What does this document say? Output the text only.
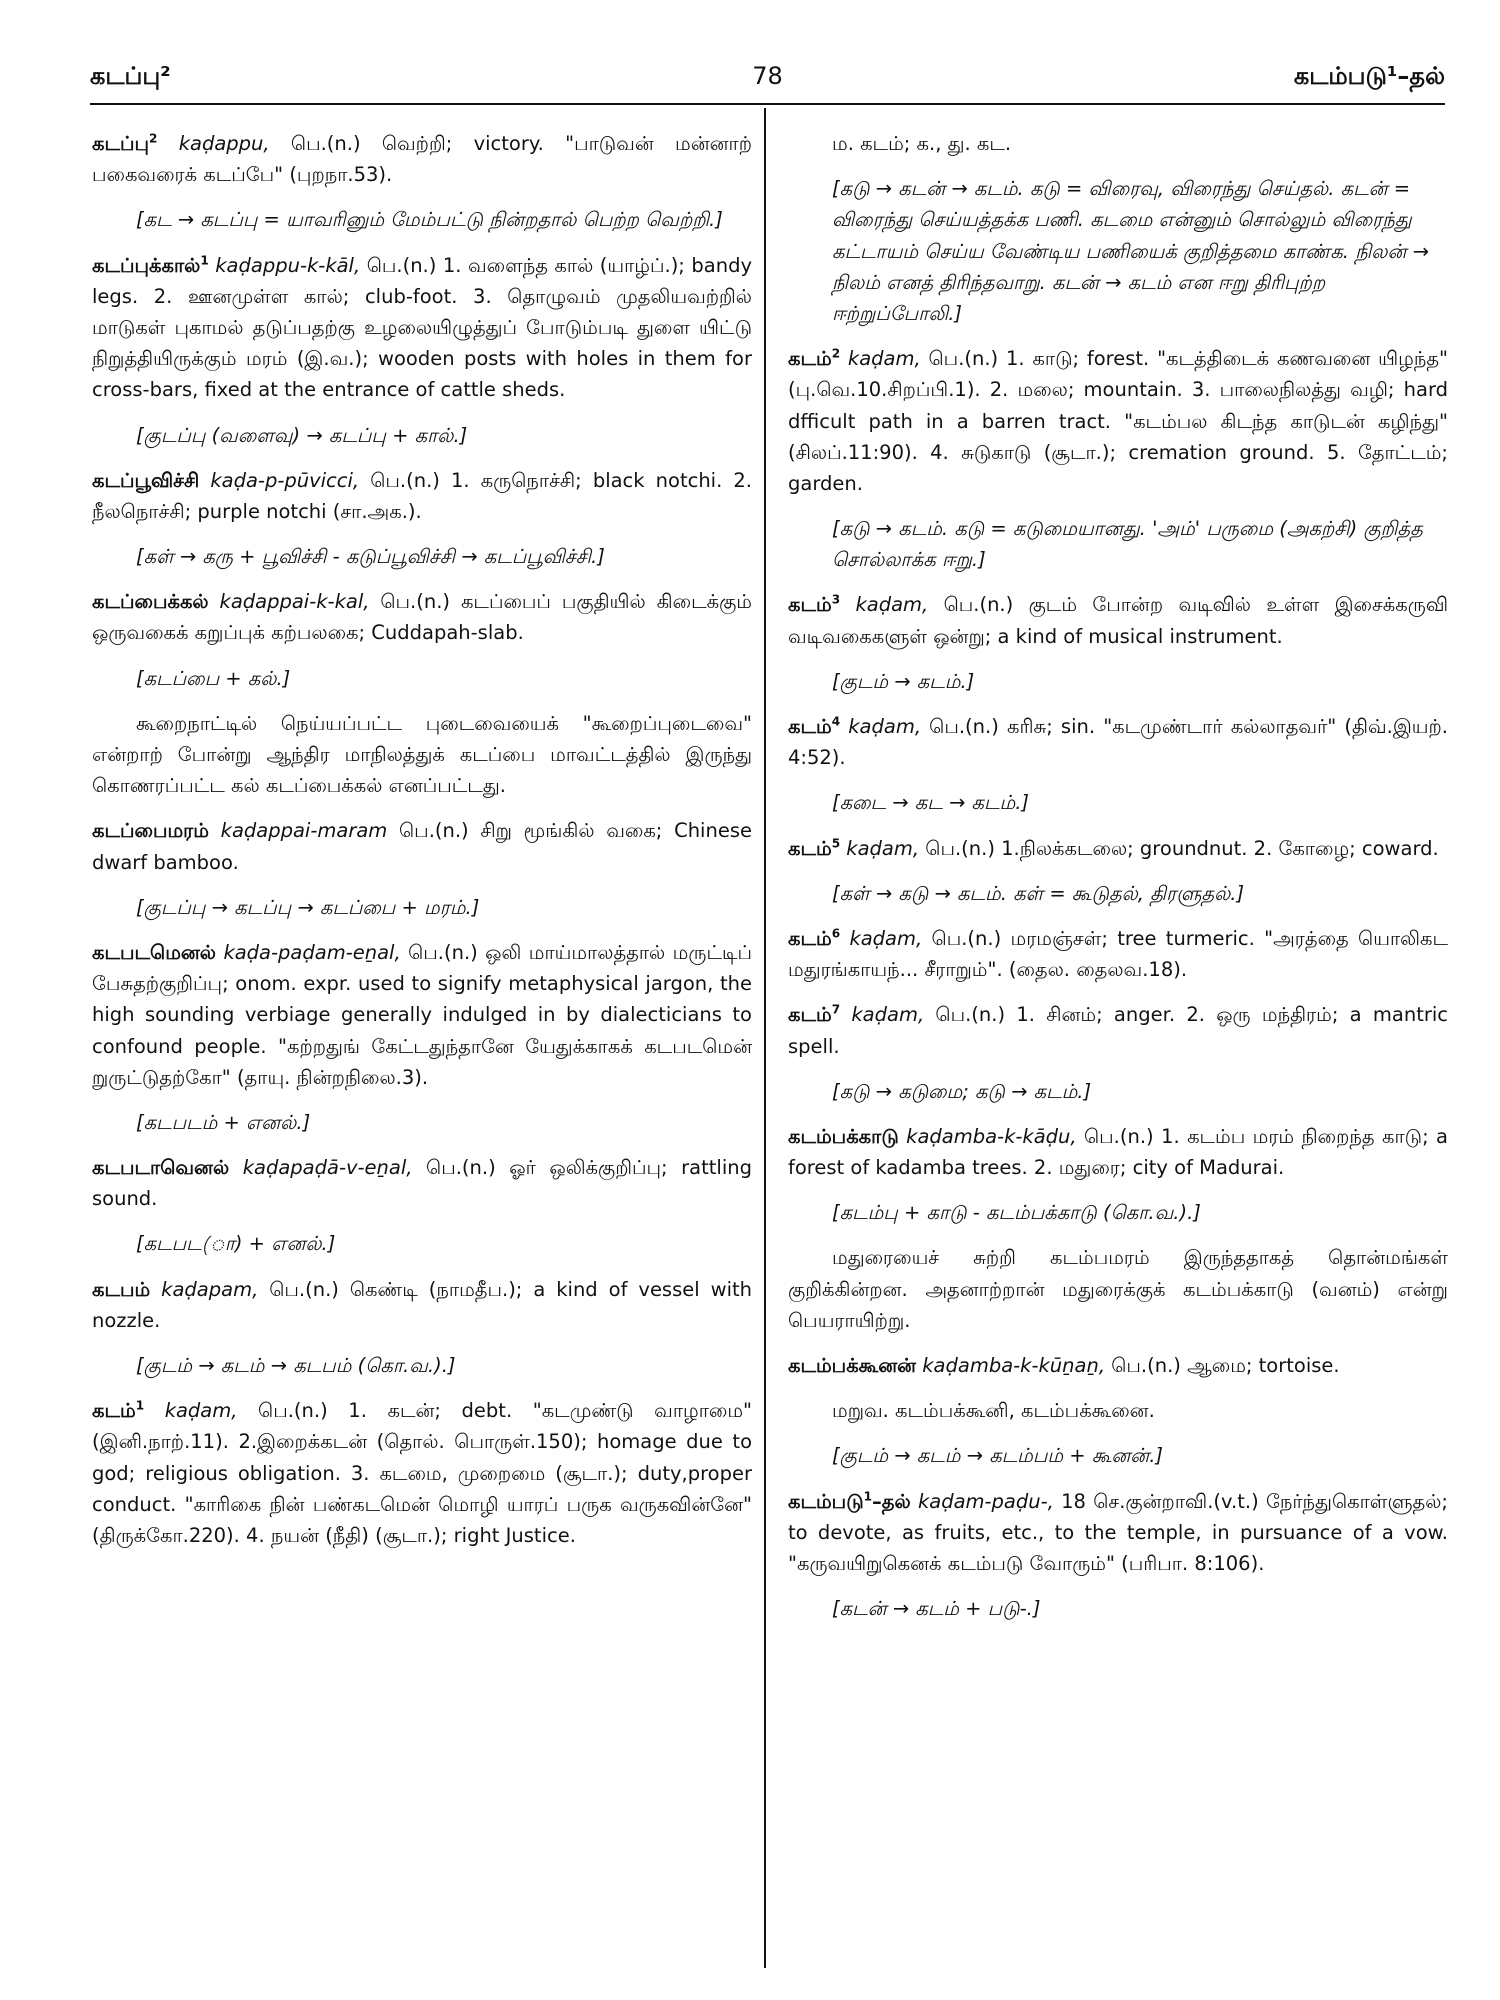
கடப்பு²	78	கடம்படு¹–தல்

கடப்பு$^2$ kaḍappu, பெ.(n.) வெற்றி; victory. "பாடுவன் மன்னாற் பகைவரைக் கடப்பே" (புறநா.53).

[கட → கடப்பு = யாவரினும் மேம்பட்டு நின்றதால் பெற்ற வெற்றி.]

கடப்புக்கால்$^1$ kaḍappu-k-kāl, பெ.(n.) 1. வளைந்த கால் (யாழ்ப்.); bandy legs. 2. ஊனமுள்ள கால்; club-foot. 3. தொழுவம் முதலியவற்றில் மாடுகள் புகாமல் தடுப்பதற்கு உழலையிழுத்துப் போடும்படி துளை யிட்டு நிறுத்தியிருக்கும் மரம் (இ.வ.); wooden posts with holes in them for cross-bars, fixed at the entrance of cattle sheds.

[குடப்பு (வளைவு) → கடப்பு + கால்.]

கடப்பூவிச்சி kaḍa-p-pūvicci, பெ.(n.) 1. கருநொச்சி; black notchi. 2. நீலநொச்சி; purple notchi (சா.அக.).

[கள் → கரு + பூவிச்சி - கடுப்பூவிச்சி → கடப்பூவிச்சி.]

கடப்பைக்கல் kaḍappai-k-kal, பெ.(n.) கடப்பைப் பகுதியில் கிடைக்கும் ஒருவகைக் கறுப்புக் கற்பலகை; Cuddapah-slab.

[கடப்பை + கல்.]

கூறைநாட்டில் நெய்யப்பட்ட புடைவையைக் "கூறைப்புடைவை" என்றாற் போன்று ஆந்திர மாநிலத்துக் கடப்பை மாவட்டத்தில் இருந்து கொணரப்பட்ட கல் கடப்பைக்கல் எனப்பட்டது.

கடப்பைமரம் kaḍappai-maram பெ.(n.) சிறு மூங்கில் வகை; Chinese dwarf bamboo.

[குடப்பு → கடப்பு → கடப்பை + மரம்.]

கடபடமெனல் kaḍa-paḍam-eṉal, பெ.(n.) ஒலி மாய்மாலத்தால் மருட்டிப் பேசுதற்குறிப்பு; onom. expr. used to signify metaphysical jargon, the high sounding verbiage generally indulged in by dialecticians to confound people. "கற்றதுங் கேட்டதுந்தானே யேதுக்காகக் கடபடமென் றுருட்டுதற்கோ" (தாயு. நின்றநிலை.3).

[கடபடம் + எனல்.]

கடபடாவெனல் kaḍapaḍā-v-eṉal, பெ.(n.) ஓர் ஒலிக்குறிப்பு; rattling sound.

[கடபட(ா) + எனல்.]

கடபம் kaḍapam, பெ.(n.) கெண்டி (நாமதீப.); a kind of vessel with nozzle.

[குடம் → கடம் → கடபம் (கொ.வ.).]

கடம்$^1$ kaḍam, பெ.(n.) 1. கடன்; debt. "கடமுண்டு வாழாமை" (இனி.நாற்.11). 2.இறைக்கடன் (தொல். பொருள்.150); homage due to god; religious obligation. 3. கடமை, முறைமை (சூடா.); duty,proper conduct. "காரிகை நின் பண்கடமென் மொழி யாரப் பருக வருகவின்னே" (திருக்கோ.220). 4. நயன் (நீதி) (சூடா.); right Justice.

ம. கடம்; க., து. கட.

[கடு → கடன் → கடம். கடு = விரைவு, விரைந்து செய்தல். கடன் = விரைந்து செய்யத்தக்க பணி. கடமை என்னும் சொல்லும் விரைந்து கட்டாயம் செய்ய வேண்டிய பணியைக் குறித்தமை காண்க. நிலன் → நிலம் எனத் திரிந்தவாறு. கடன் → கடம் என ஈறு திரிபுற்ற ஈற்றுப்போலி.]

கடம்$^2$ kaḍam, பெ.(n.) 1. காடு; forest. "கடத்திடைக் கணவனை யிழந்த" (பு.வெ.10.சிறப்பி.1). 2. மலை; mountain. 3. பாலைநிலத்து வழி; hard dfficult path in a barren tract. "கடம்பல கிடந்த காடுடன் கழிந்து" (சிலப்.11:90). 4. சுடுகாடு (சூடா.); cremation ground. 5. தோட்டம்; garden.

[கடு → கடம். கடு = கடுமையானது. 'அம்' பருமை (அகற்சி) குறித்த சொல்லாக்க ஈறு.]

கடம்$^3$ kaḍam, பெ.(n.) குடம் போன்ற வடிவில் உள்ள இசைக்கருவி வடிவகைகளுள் ஒன்று; a kind of musical instrument.

[குடம் → கடம்.]

கடம்$^4$ kaḍam, பெ.(n.) கரிசு; sin. "கடமுண்டார் கல்லாதவர்" (திவ்.இயற். 4:52).

[கடை → கட → கடம்.]

கடம்$^5$ kaḍam, பெ.(n.) 1.நிலக்கடலை; groundnut. 2. கோழை; coward.

[கள் → கடு → கடம். கள் = கூடுதல், திரளுதல்.]

கடம்$^6$ kaḍam, பெ.(n.) மரமஞ்சள்; tree turmeric. "அரத்தை யொலிகட மதுரங்காயந்... சீராறும்". (தைல. தைலவ.18).

கடம்$^7$ kaḍam, பெ.(n.) 1. சினம்; anger. 2. ஒரு மந்திரம்; a mantric spell.

[கடு → கடுமை; கடு → கடம்.]

கடம்பக்காடு kaḍamba-k-kāḍu, பெ.(n.) 1. கடம்ப மரம் நிறைந்த காடு; a forest of kadamba trees. 2. மதுரை; city of Madurai.

[கடம்பு + காடு - கடம்பக்காடு (கொ.வ.).]

மதுரையைச் சுற்றி கடம்பமரம் இருந்ததாகத் தொன்மங்கள் குறிக்கின்றன. அதனாற்றான் மதுரைக்குக் கடம்பக்காடு (வனம்) என்று பெயராயிற்று.

கடம்பக்கூனன் kaḍamba-k-kūṉaṉ, பெ.(n.) ஆமை; tortoise.

மறுவ. கடம்பக்கூனி, கடம்பக்கூனை.

[குடம் → கடம் → கடம்பம் + கூனன்.]

கடம்படு$^1$–தல் kaḍam-paḍu-, 18 செ.குன்றாவி.(v.t.) நேர்ந்துகொள்ளுதல்; to devote, as fruits, etc., to the temple, in pursuance of a vow. "கருவயிறுகெனக் கடம்படு வோரும்" (பரிபா. 8:106).

[கடன் → கடம் + படு-.]
